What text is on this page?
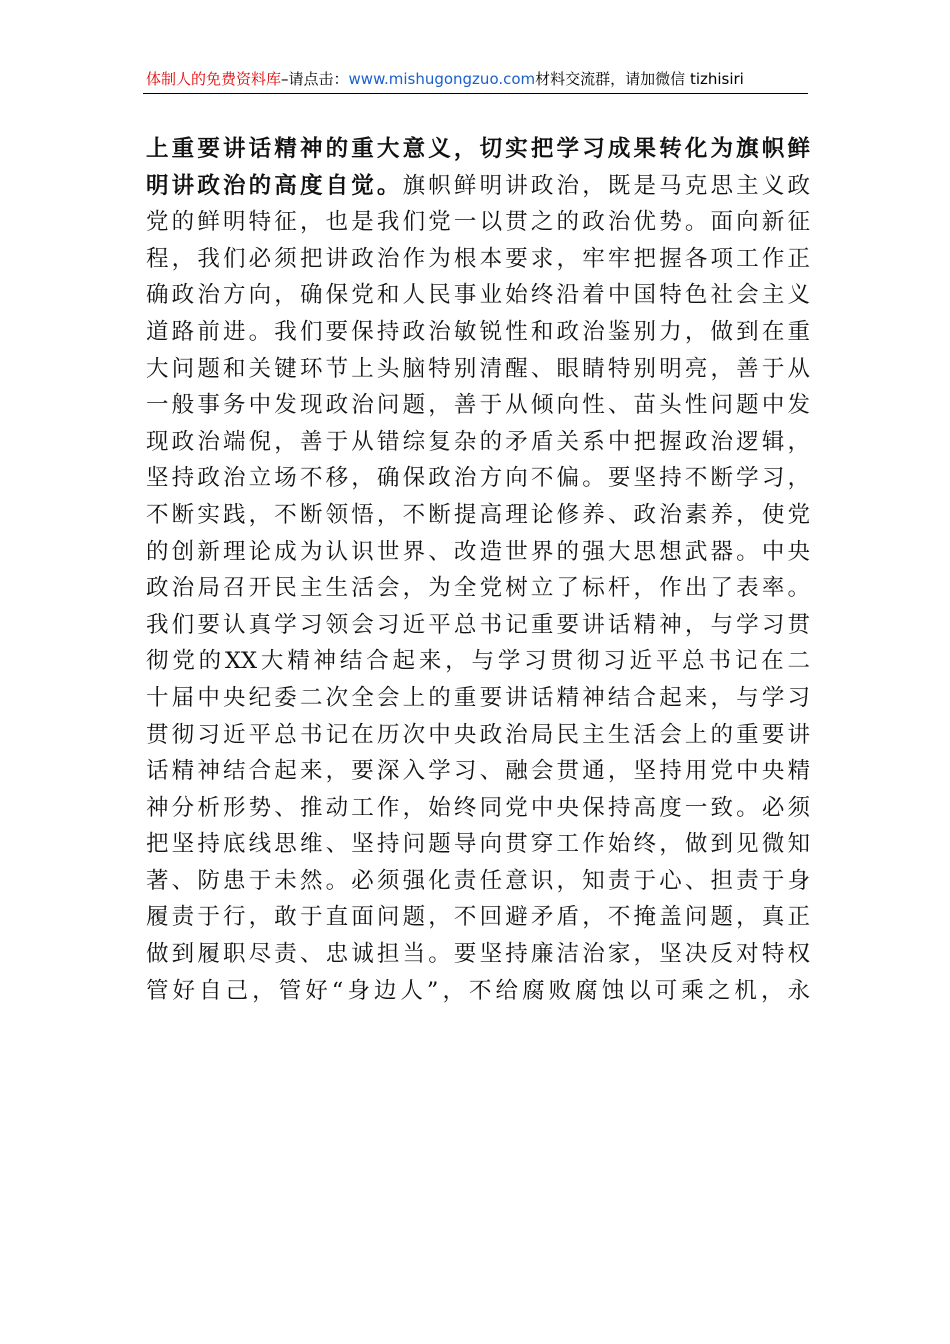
体制人的免费资料库–请点击：www.mishugongzuo.com材料交流群，请加微信 tizhisiri
上重要讲话精神的重大意义，切实把学习成果转化为旗帜鲜
明讲政治的高度自觉。旗帜鲜明讲政治，既是马克思主义政
党的鲜明特征，也是我们党一以贯之的政治优势。面向新征
程，我们必须把讲政治作为根本要求，牢牢把握各项工作正
确政治方向，确保党和人民事业始终沿着中国特色社会主义
道路前进。我们要保持政治敏锐性和政治鉴别力，做到在重
大问题和关键环节上头脑特别清醒、眼睛特别明亮，善于从
一般事务中发现政治问题，善于从倾向性、苗头性问题中发
现政治端倪，善于从错综复杂的矛盾关系中把握政治逻辑，
坚持政治立场不移，确保政治方向不偏。要坚持不断学习，
不断实践，不断领悟，不断提高理论修养、政治素养，使党
的创新理论成为认识世界、改造世界的强大思想武器。中央
政治局召开民主生活会，为全党树立了标杆，作出了表率。
我们要认真学习领会习近平总书记重要讲话精神，与学习贯
彻党的XX大精神结合起来，与学习贯彻习近平总书记在二
十届中央纪委二次全会上的重要讲话精神结合起来，与学习
贯彻习近平总书记在历次中央政治局民主生活会上的重要讲
话精神结合起来，要深入学习、融会贯通，坚持用党中央精
神分析形势、推动工作，始终同党中央保持高度一致。必须
把坚持底线思维、坚持问题导向贯穿工作始终，做到见微知
著、防患于未然。必须强化责任意识，知责于心、担责于身
履责于行，敢于直面问题，不回避矛盾，不掩盖问题，真正
做到履职尽责、忠诚担当。要坚持廉洁治家，坚决反对特权
管好自己，管好“身边人”，不给腐败腐蚀以可乘之机，永
